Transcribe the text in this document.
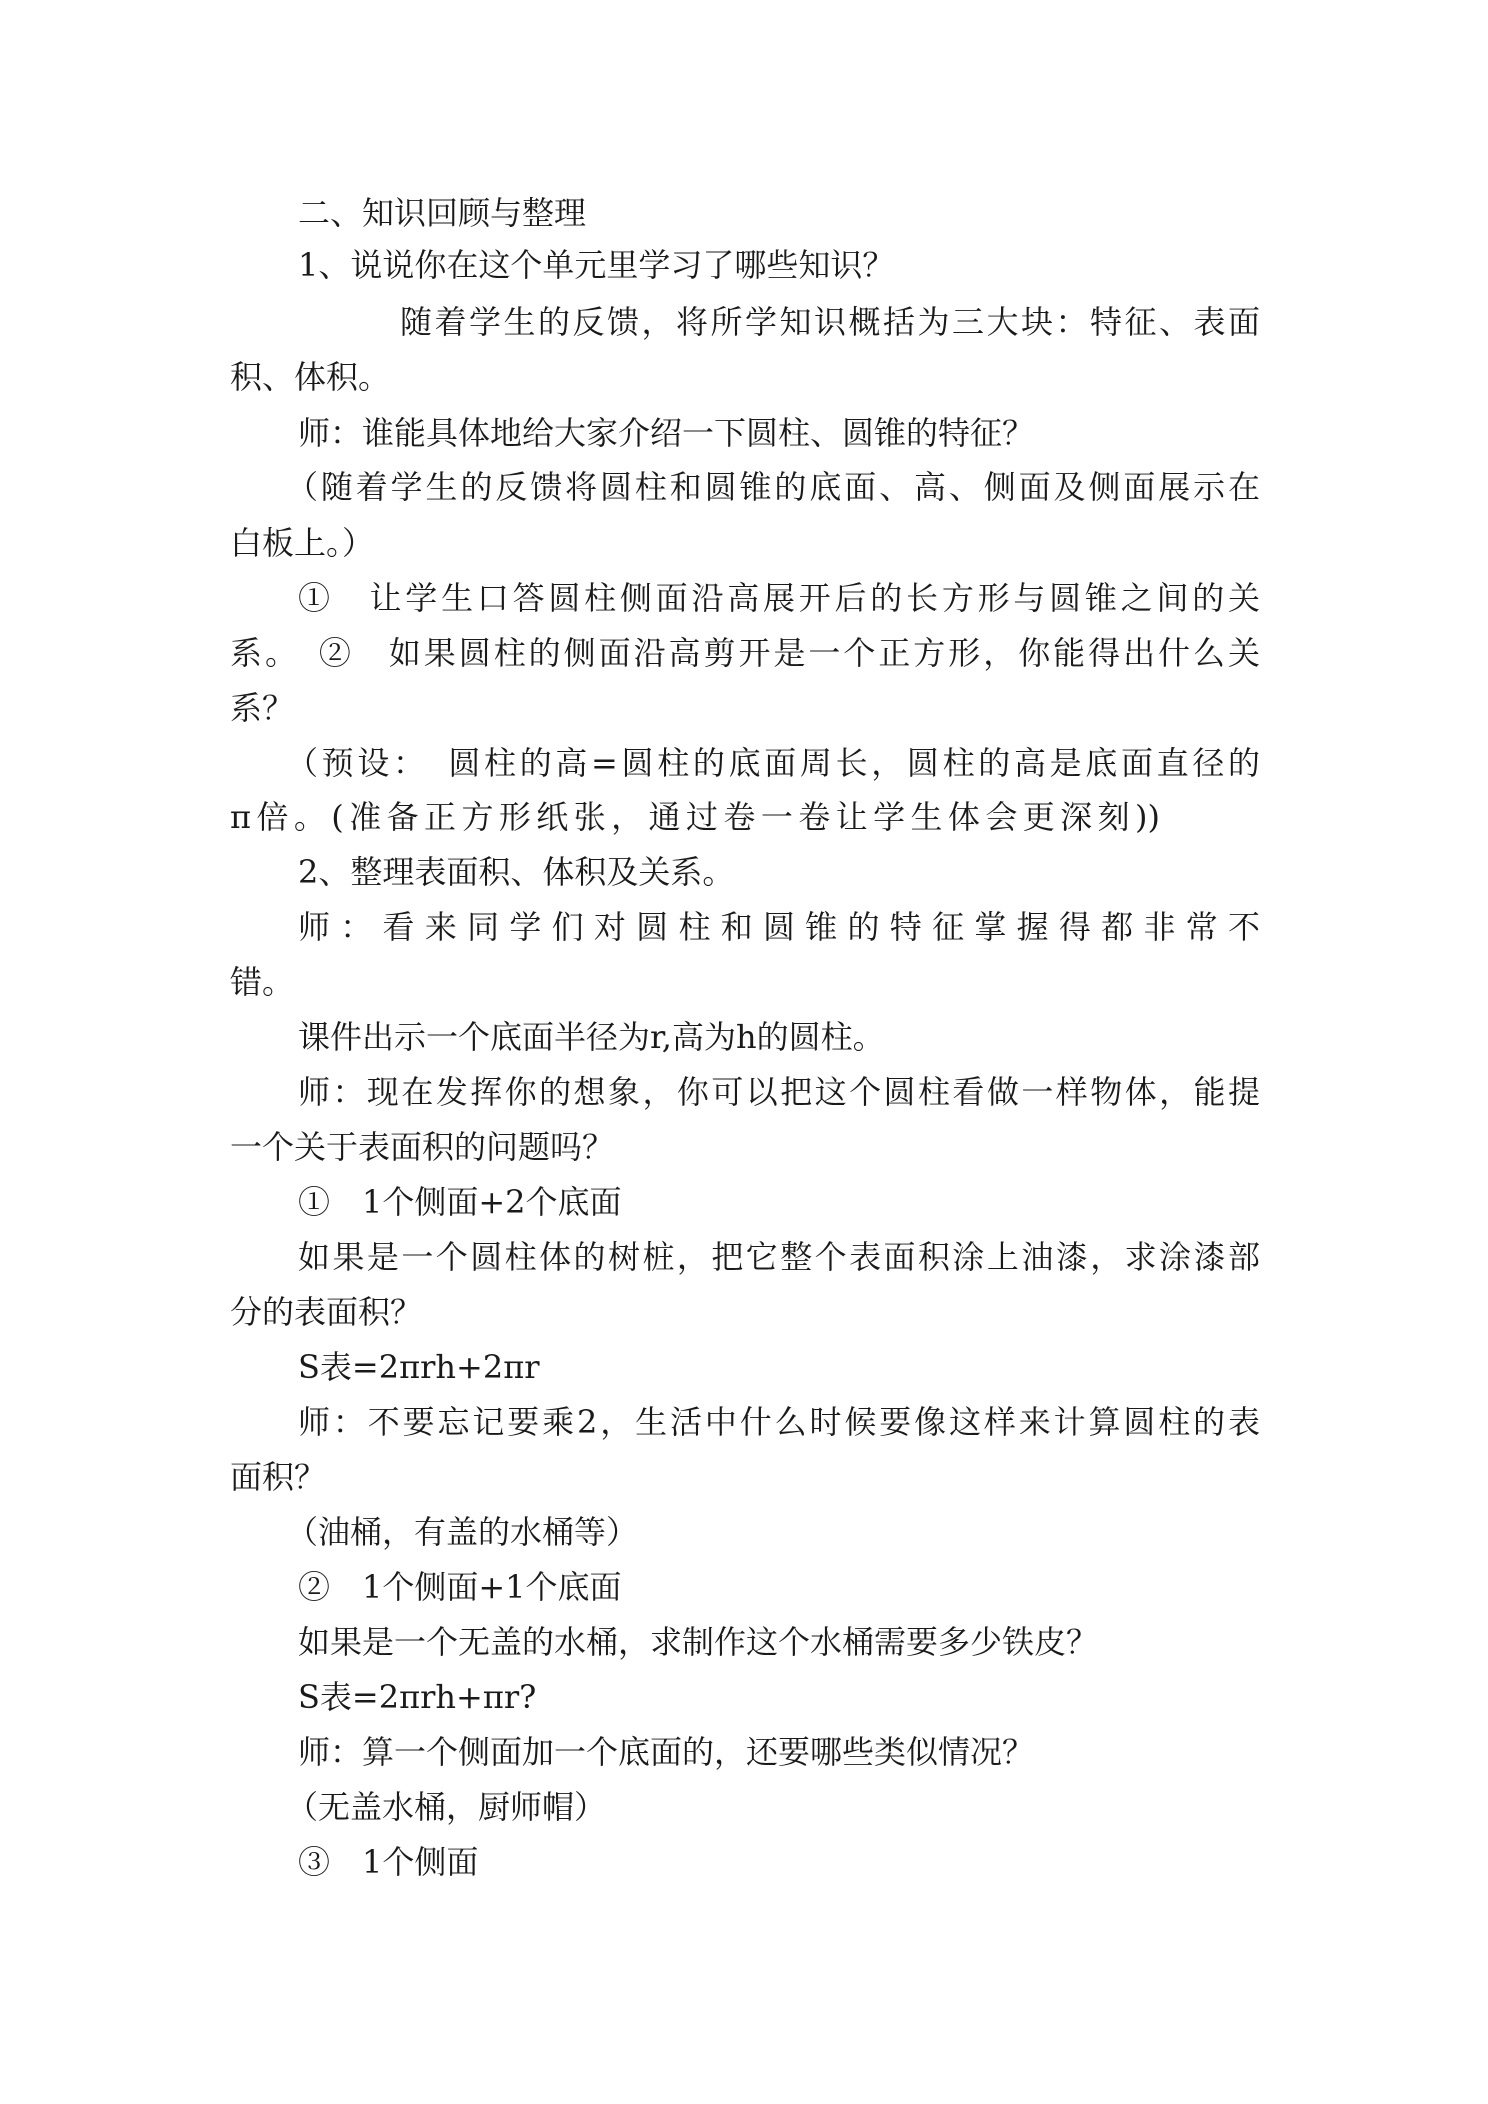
二、知识回顾与整理

1、说说你在这个单元里学习了哪些知识？

随着学生的反馈，将所学知识概括为三大块：特征、表面

积、体积。

师：谁能具体地给大家介绍一下圆柱、圆锥的特征？

（随着学生的反馈将圆柱和圆锥的底面、高、侧面及侧面展示在

白板上。）

①　让学生口答圆柱侧面沿高展开后的长方形与圆锥之间的关

系。　②　如果圆柱的侧面沿高剪开是一个正方形，你能得出什么关

系？

（预设：　圆柱的高=圆柱的底面周长，圆柱的高是底面直径的

π倍。(准备正方形纸张，通过卷一卷让学生体会更深刻))

2、整理表面积、体积及关系。

师：看来同学们对圆柱和圆锥的特征掌握得都非常不

错。

课件出示一个底面半径为r,高为h的圆柱。

师：现在发挥你的想象，你可以把这个圆柱看做一样物体，能提

一个关于表面积的问题吗？

①　1个侧面+2个底面

如果是一个圆柱体的树桩，把它整个表面积涂上油漆，求涂漆部

分的表面积？

S表=2πrh+2πr

师：不要忘记要乘2，生活中什么时候要像这样来计算圆柱的表

面积？

（油桶，有盖的水桶等）

②　1个侧面+1个底面

如果是一个无盖的水桶，求制作这个水桶需要多少铁皮？

S表=2πrh+πr?

师：算一个侧面加一个底面的，还要哪些类似情况？

（无盖水桶，厨师帽）

③　1个侧面
